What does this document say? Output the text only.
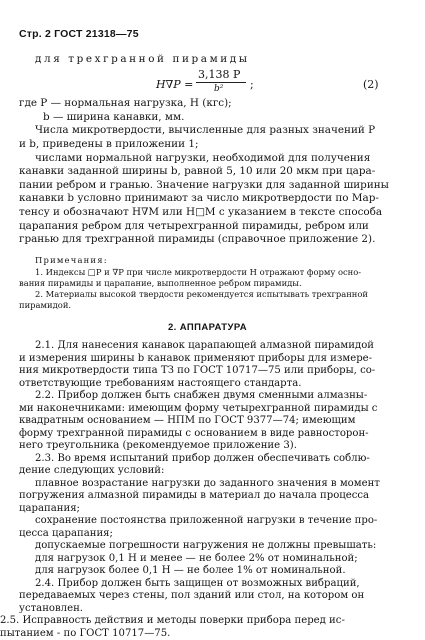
Стр. 2 ГОСТ 21318—75
для трехгранной пирамиды
H∇P =
3,138 P
b² ;	(2)
где P — нормальная нагрузка, Н (кгс);
b — ширина канавки, мм.
Числа микротвердости, вычисленные для разных значений P
и b, приведены в приложении 1;
числами нормальной нагрузки, необходимой для получения
канавки заданной ширины b, равной 5, 10 или 20 мкм при цара-
пании ребром и гранью. Значение нагрузки для заданной ширины
канавки b условно принимают за число микротвердости по Мар-
тенсу и обозначают H∇M или H□M с указанием в тексте способа
царапания ребром для четырехгранной пирамиды, ребром или
гранью для трехгранной пирамиды (справочное приложение 2).
Примечания:
1. Индексы □P и ∇P при числе микротвердости H отражают форму осно-
вания пирамиды и царапание, выполненное ребром пирамиды.
2. Материалы высокой твердости рекомендуется испытывать трехгранной
пирамидой.
2. АППАРАТУРА
2.1. Для нанесения канавок царапающей алмазной пирамидой
и измерения ширины b канавок применяют приборы для измере-
ния микротвердости типа ТЗ по ГОСТ 10717—75 или приборы, со-
ответствующие требованиям настоящего стандарта.
2.2. Прибор должен быть снабжен двумя сменными алмазны-
ми наконечниками: имеющим форму четырехгранной пирамиды с
квадратным основанием — НПМ по ГОСТ 9377—74; имеющим
форму трехгранной пирамиды с основанием в виде равносторон-
него треугольника (рекомендуемое приложение 3).
2.3. Во время испытаний прибор должен обеспечивать соблю-
дение следующих условий:
плавное возрастание нагрузки до заданного значения в момент
погружения алмазной пирамиды в материал до начала процесса
царапания;
сохранение постоянства приложенной нагрузки в течение про-
цесса царапания;
допускаемые погрешности нагружения не должны превышать:
для нагрузок 0,1 Н и менее — не более 2% от номинальной;
для нагрузок более 0,1 Н — не более 1% от номинальной.
2.4. Прибор должен быть защищен от возможных вибраций,
передаваемых через стены, пол зданий или стол, на котором он
установлен.
2.5. Исправность действия и методы поверки прибора перед ис-
пытанием - по ГОСТ 10717—75.
